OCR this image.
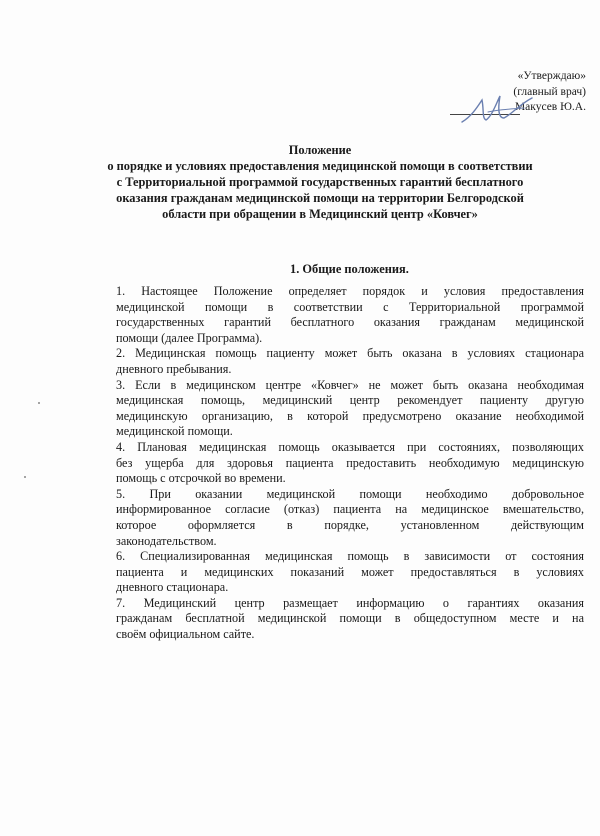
«Утверждаю»
(главный врач)
Макусев Ю.А.
Положение
о порядке и условиях предоставления медицинской помощи в соответствии
с Территориальной программой государственных гарантий бесплатного
оказания гражданам медицинской помощи на территории Белгородской
области при обращении в Медицинский центр «Ковчег»
1. Общие положения.

1. Настоящее Положение определяет порядок и условия предоставления
медицинской помощи в соответствии с Территориальной программой
государственных гарантий бесплатного оказания гражданам медицинской
помощи (далее Программа).

2. Медицинская помощь пациенту может быть оказана в условиях стационара
дневного пребывания.

3. Если в медицинском центре «Ковчег» не может быть оказана необходимая
медицинская помощь, медицинский центр рекомендует пациенту другую
медицинскую организацию, в которой предусмотрено оказание необходимой
медицинской помощи.

4. Плановая медицинская помощь оказывается при состояниях, позволяющих
без ущерба для здоровья пациента предоставить необходимую медицинскую
помощь с отсрочкой во времени.

5. При оказании медицинской помощи необходимо добровольное
информированное согласие (отказ) пациента на медицинское вмешательство,
которое оформляется в порядке, установленном действующим
законодательством.

6. Специализированная медицинская помощь в зависимости от состояния
пациента и медицинских показаний может предоставляться в условиях
дневного стационара.

7. Медицинский центр размещает информацию о гарантиях оказания
гражданам бесплатной медицинской помощи в общедоступном месте и на
своём официальном сайте.
